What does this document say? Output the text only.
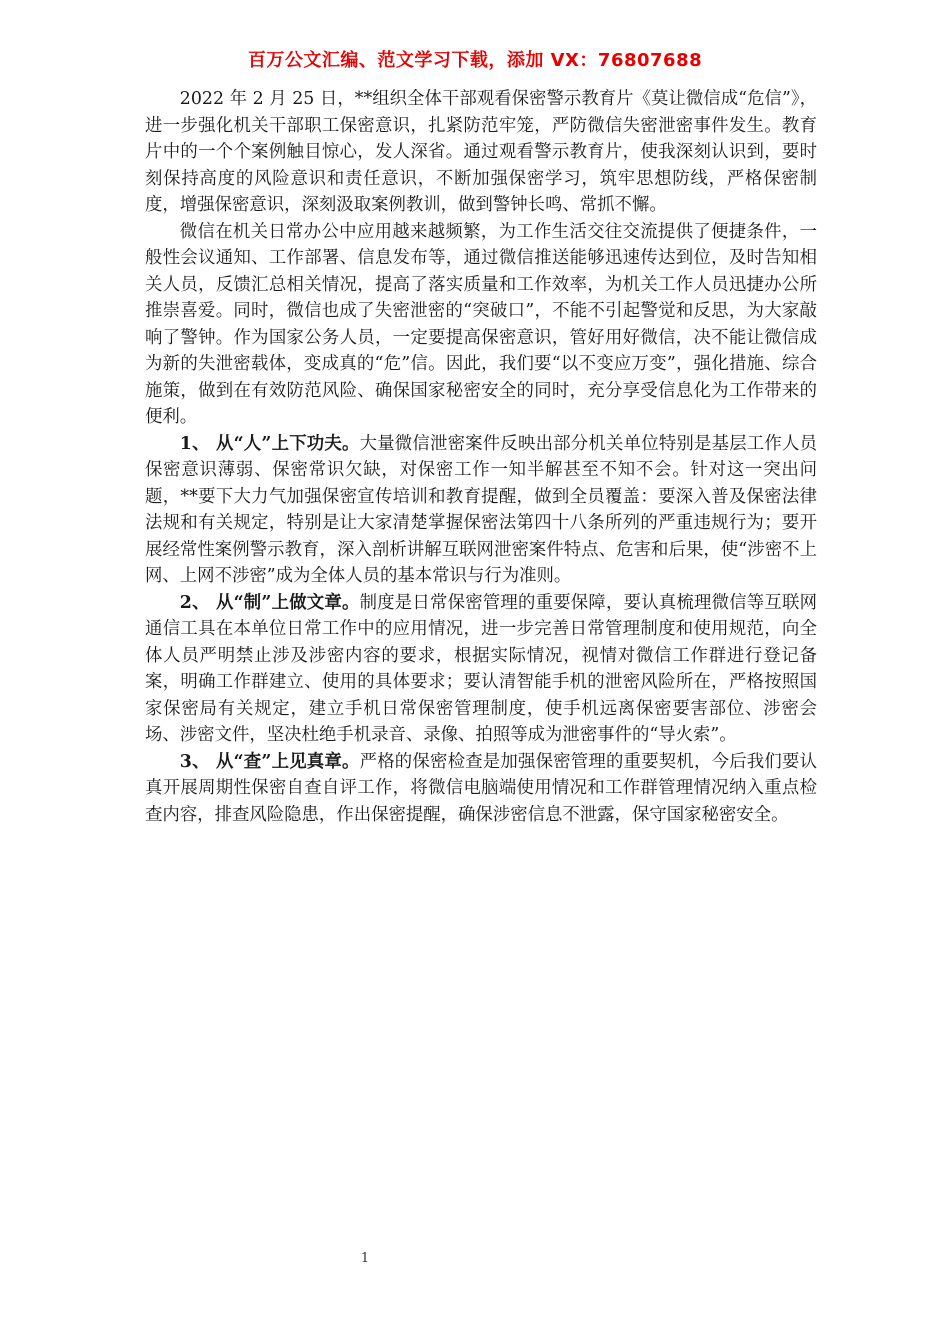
百万公文汇编、范文学习下载，添加 VX：76807688

2022 年 2 月 25 日，**组织全体干部观看保密警示教育片《莫让微信成“危信”》，进一步强化机关干部职工保密意识，扎紧防范牢笼，严防微信失密泄密事件发生。教育片中的一个个案例触目惊心，发人深省。通过观看警示教育片，使我深刻认识到，要时刻保持高度的风险意识和责任意识，不断加强保密学习，筑牢思想防线，严格保密制度，增强保密意识，深刻汲取案例教训，做到警钟长鸣、常抓不懈。

微信在机关日常办公中应用越来越频繁，为工作生活交往交流提供了便捷条件，一般性会议通知、工作部署、信息发布等，通过微信推送能够迅速传达到位，及时告知相关人员，反馈汇总相关情况，提高了落实质量和工作效率，为机关工作人员迅捷办公所推崇喜爱。同时，微信也成了失密泄密的“突破口”，不能不引起警觉和反思，为大家敲响了警钟。作为国家公务人员，一定要提高保密意识，管好用好微信，决不能让微信成为新的失泄密载体，变成真的“危”信。因此，我们要“以不变应万变”，强化措施、综合施策，做到在有效防范风险、确保国家秘密安全的同时，充分享受信息化为工作带来的便利。

1、 从“人”上下功夫。大量微信泄密案件反映出部分机关单位特别是基层工作人员保密意识薄弱、保密常识欠缺，对保密工作一知半解甚至不知不会。针对这一突出问题，**要下大力气加强保密宣传培训和教育提醒，做到全员覆盖：要深入普及保密法律法规和有关规定，特别是让大家清楚掌握保密法第四十八条所列的严重违规行为；要开展经常性案例警示教育，深入剖析讲解互联网泄密案件特点、危害和后果，使“涉密不上网、上网不涉密”成为全体人员的基本常识与行为准则。

2、 从“制”上做文章。制度是日常保密管理的重要保障，要认真梳理微信等互联网通信工具在本单位日常工作中的应用情况，进一步完善日常管理制度和使用规范，向全体人员严明禁止涉及涉密内容的要求，根据实际情况，视情对微信工作群进行登记备案，明确工作群建立、使用的具体要求；要认清智能手机的泄密风险所在，严格按照国家保密局有关规定，建立手机日常保密管理制度，使手机远离保密要害部位、涉密会场、涉密文件，坚决杜绝手机录音、录像、拍照等成为泄密事件的“导火索”。

3、 从“查”上见真章。严格的保密检查是加强保密管理的重要契机，今后我们要认真开展周期性保密自查自评工作，将微信电脑端使用情况和工作群管理情况纳入重点检查内容，排查风险隐患，作出保密提醒，确保涉密信息不泄露，保守国家秘密安全。

1
